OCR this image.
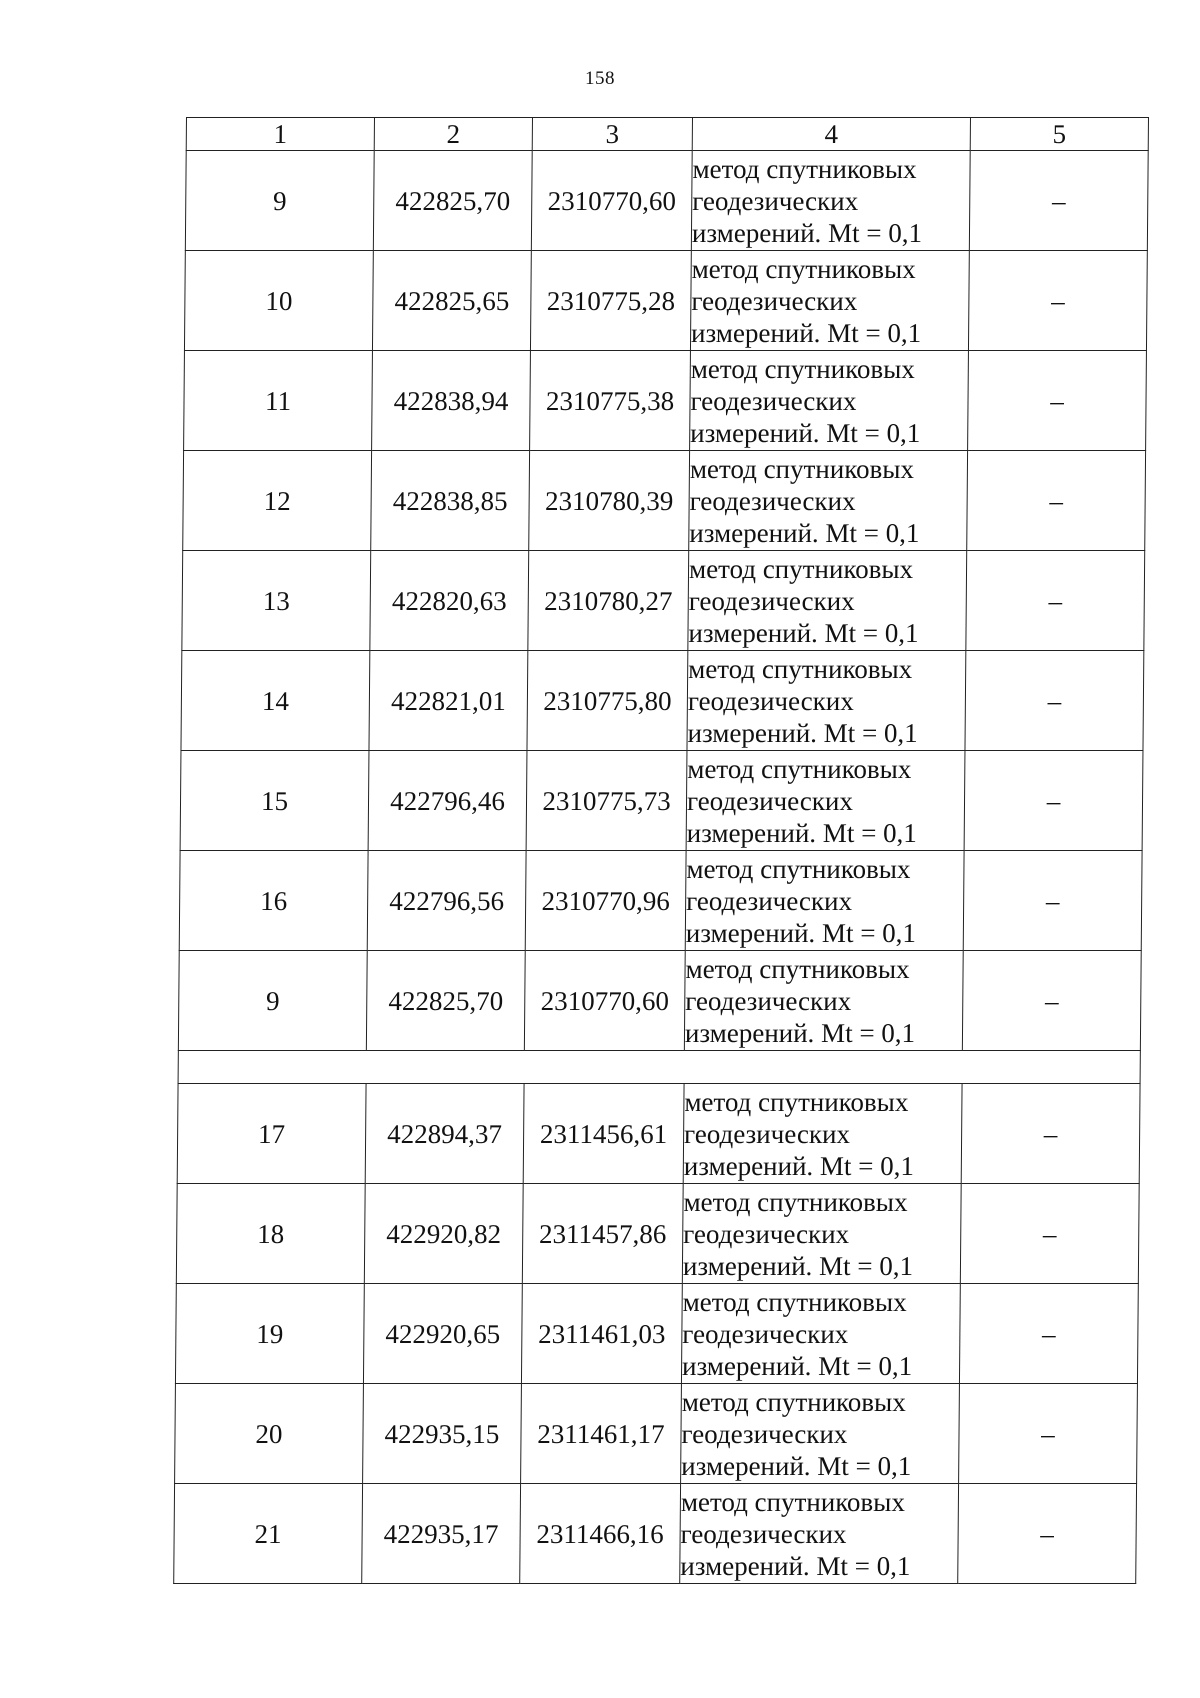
158
1	2	3	4	5
9	422825,70	2310770,60	метод спутниковых
геодезических
измерений. Mt = 0,1	–
10	422825,65	2310775,28	метод спутниковых
геодезических
измерений. Mt = 0,1	–
11	422838,94	2310775,38	метод спутниковых
геодезических
измерений. Mt = 0,1	–
12	422838,85	2310780,39	метод спутниковых
геодезических
измерений. Mt = 0,1	–
13	422820,63	2310780,27	метод спутниковых
геодезических
измерений. Mt = 0,1	–
14	422821,01	2310775,80	метод спутниковых
геодезических
измерений. Mt = 0,1	–
15	422796,46	2310775,73	метод спутниковых
геодезических
измерений. Mt = 0,1	–
16	422796,56	2310770,96	метод спутниковых
геодезических
измерений. Mt = 0,1	–
9	422825,70	2310770,60	метод спутниковых
геодезических
измерений. Mt = 0,1	–

17	422894,37	2311456,61	метод спутниковых
геодезических
измерений. Mt = 0,1	–
18	422920,82	2311457,86	метод спутниковых
геодезических
измерений. Mt = 0,1	–
19	422920,65	2311461,03	метод спутниковых
геодезических
измерений. Mt = 0,1	–
20	422935,15	2311461,17	метод спутниковых
геодезических
измерений. Mt = 0,1	–
21	422935,17	2311466,16	метод спутниковых
геодезических
измерений. Mt = 0,1	–
